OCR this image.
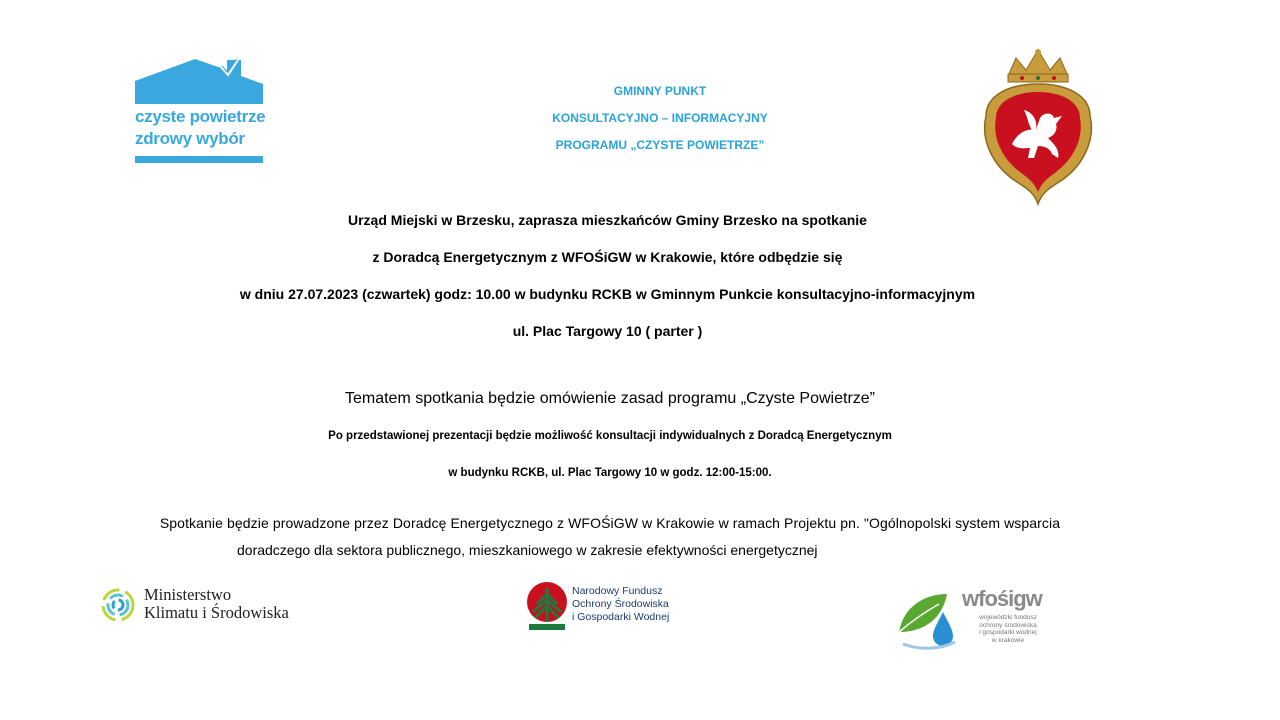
czyste powietrze
zdrowy wybór
GMINNY PUNKT
KONSULTACYJNO – INFORMACYJNY
PROGRAMU „CZYSTE POWIETRZE”
Urząd Miejski w Brzesku, zaprasza mieszkańców Gminy Brzesko na spotkanie
z Doradcą Energetycznym z WFOŚiGW w Krakowie, które odbędzie się
w dniu 27.07.2023 (czwartek) godz: 10.00 w budynku RCKB w Gminnym Punkcie konsultacyjno-informacyjnym
ul. Plac Targowy 10 ( parter )
Tematem spotkania będzie omówienie zasad programu „Czyste Powietrze”
Po przedstawionej prezentacji będzie możliwość konsultacji indywidualnych z Doradcą Energetycznym
w budynku RCKB, ul. Plac Targowy 10 w godz. 12:00-15:00.
Spotkanie będzie prowadzone przez Doradcę Energetycznego z WFOŚiGW w Krakowie w ramach Projektu pn. "Ogólnopolski system wsparcia
doradczego dla sektora publicznego, mieszkaniowego w zakresie efektywności energetycznej
Ministerstwo
Klimatu i Środowiska
Narodowy Fundusz
Ochrony Środowiska
i Gospodarki Wodnej
wfośigw
wojewódzki fundusz
ochrony środowiska
i gospodarki wodnej
w krakowie
